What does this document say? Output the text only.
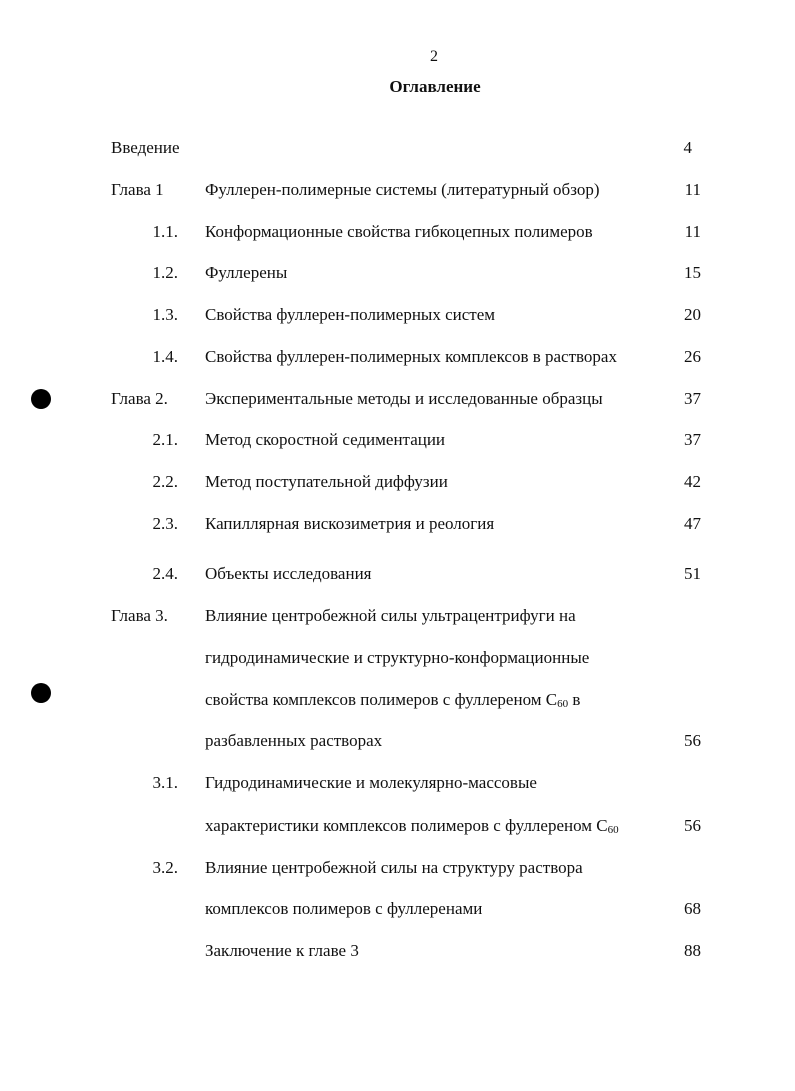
2
Оглавление
Введение	4
Глава 1 Фуллерен-полимерные системы (литературный обзор)	11
1.1. Конформационные свойства гибкоцепных полимеров	11
1.2. Фуллерены	15
1.3. Свойства фуллерен-полимерных систем	20
1.4. Свойства фуллерен-полимерных комплексов в растворах	26
Глава 2. Экспериментальные методы и исследованные образцы	37
2.1. Метод скоростной седиментации	37
2.2. Метод поступательной диффузии	42
2.3. Капиллярная вискозиметрия и реология	47
2.4. Объекты исследования	51
Глава 3. Влияние центробежной силы ультрацентрифуги на
гидродинамические и структурно-конформационные
свойства комплексов полимеров с фуллереном C60 в
разбавленных растворах	56
3.1. Гидродинамические и молекулярно-массовые
характеристики комплексов полимеров с фуллереном C60	56
3.2. Влияние центробежной силы на структуру раствора
комплексов полимеров с фуллеренами	68
Заключение к главе 3	88
